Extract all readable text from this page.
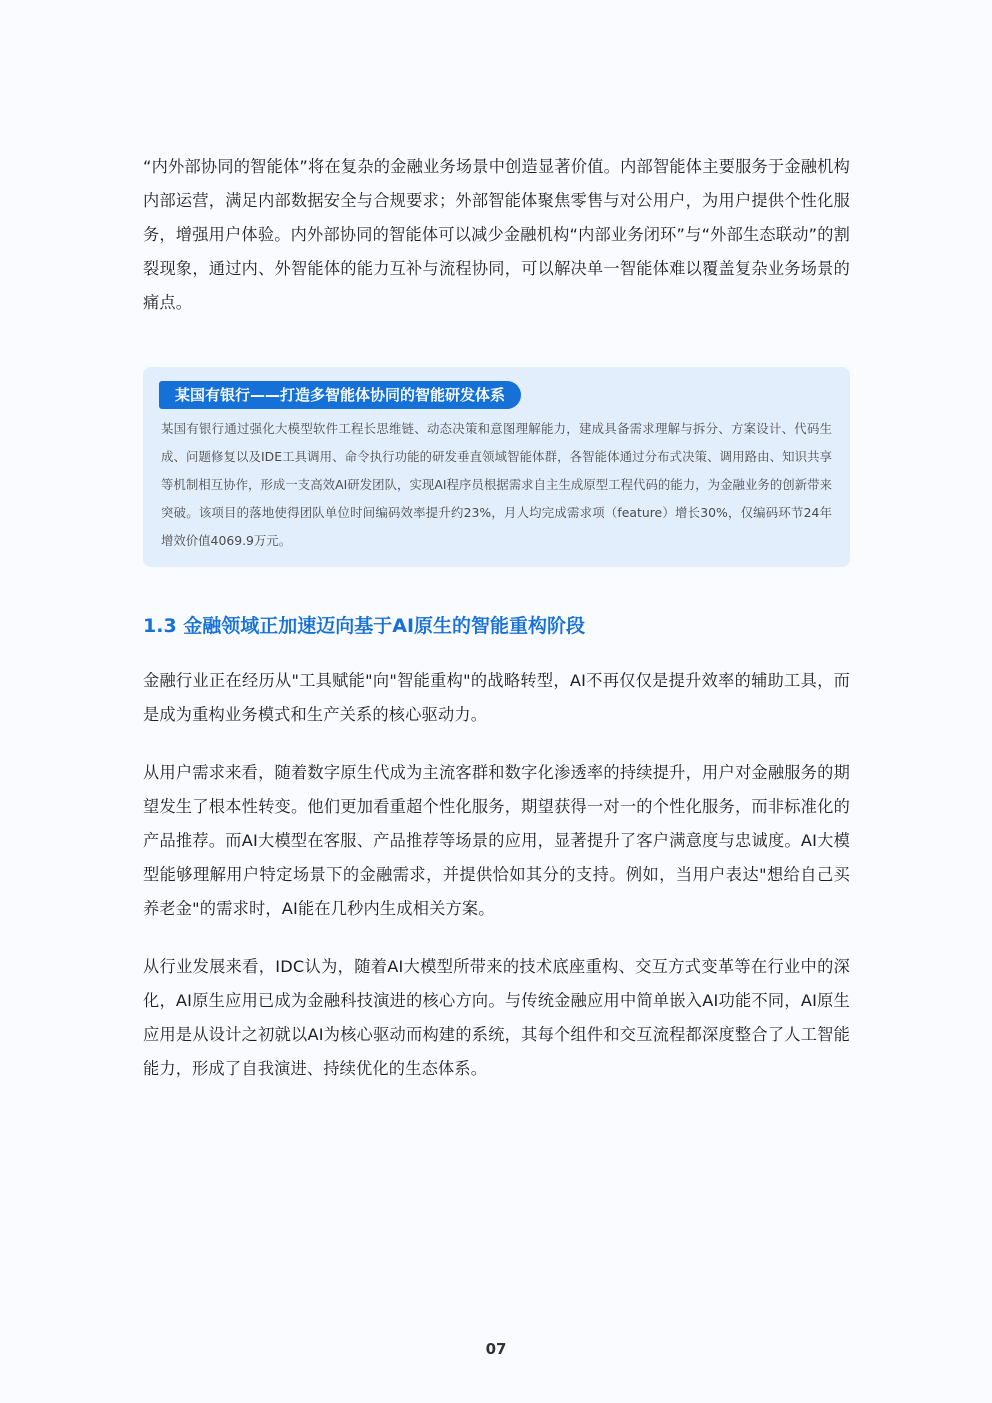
“内外部协同的智能体”将在复杂的金融业务场景中创造显著价值。内部智能体主要服务于金融机构内部运营，满足内部数据安全与合规要求；外部智能体聚焦零售与对公用户，为用户提供个性化服务，增强用户体验。内外部协同的智能体可以减少金融机构“内部业务闭环”与“外部生态联动”的割裂现象，通过内、外智能体的能力互补与流程协同，可以解决单一智能体难以覆盖复杂业务场景的痛点。

某国有银行——打造多智能体协同的智能研发体系

某国有银行通过强化大模型软件工程长思维链、动态决策和意图理解能力，建成具备需求理解与拆分、方案设计、代码生成、问题修复以及IDE工具调用、命令执行功能的研发垂直领域智能体群，各智能体通过分布式决策、调用路由、知识共享等机制相互协作，形成一支高效AI研发团队，实现AI程序员根据需求自主生成原型工程代码的能力，为金融业务的创新带来突破。该项目的落地使得团队单位时间编码效率提升约23%，月人均完成需求项（feature）增长30%，仅编码环节24年增效价值4069.9万元。

1.3 金融领域正加速迈向基于AI原生的智能重构阶段

金融行业正在经历从"工具赋能"向"智能重构"的战略转型，AI不再仅仅是提升效率的辅助工具，而是成为重构业务模式和生产关系的核心驱动力。

从用户需求来看，随着数字原生代成为主流客群和数字化渗透率的持续提升，用户对金融服务的期望发生了根本性转变。他们更加看重超个性化服务，期望获得一对一的个性化服务，而非标准化的产品推荐。而AI大模型在客服、产品推荐等场景的应用，显著提升了客户满意度与忠诚度。AI大模型能够理解用户特定场景下的金融需求，并提供恰如其分的支持。例如，当用户表达"想给自己买养老金"的需求时，AI能在几秒内生成相关方案。

从行业发展来看，IDC认为，随着AI大模型所带来的技术底座重构、交互方式变革等在行业中的深化，AI原生应用已成为金融科技演进的核心方向。与传统金融应用中简单嵌入AI功能不同，AI原生应用是从设计之初就以AI为核心驱动而构建的系统，其每个组件和交互流程都深度整合了人工智能能力，形成了自我演进、持续优化的生态体系。

07
